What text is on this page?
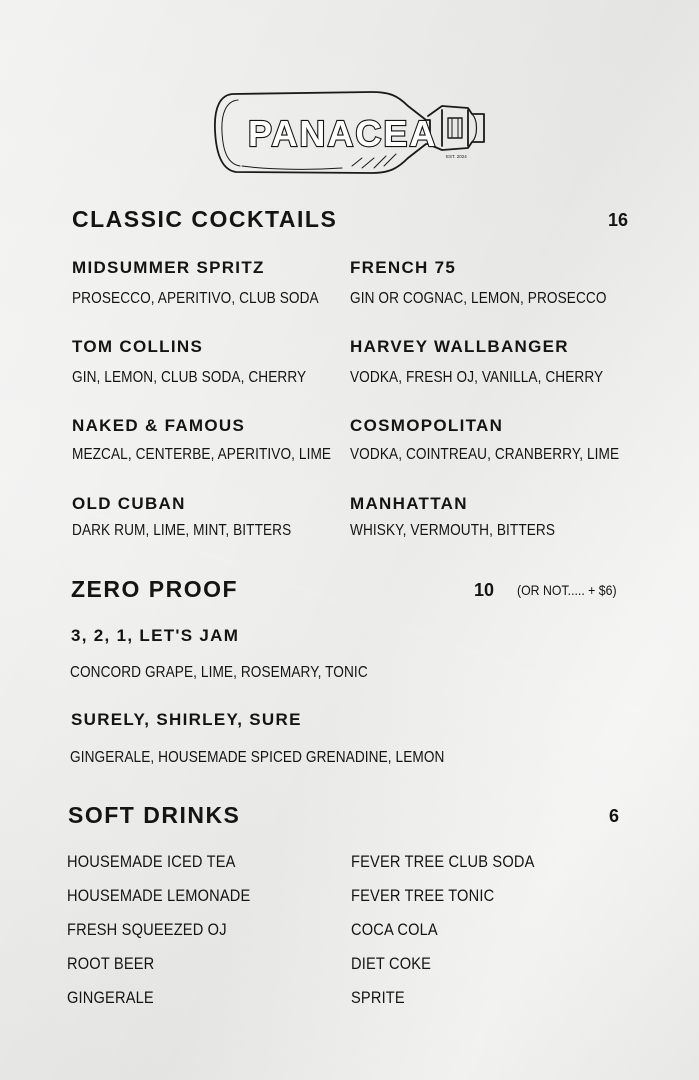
PANACEA
EST. 2024
CLASSIC COCKTAILS	16
MIDSUMMER SPRITZ
PROSECCO, APERITIVO, CLUB SODA
FRENCH 75
GIN OR COGNAC, LEMON, PROSECCO
TOM COLLINS
GIN, LEMON, CLUB SODA, CHERRY
HARVEY WALLBANGER
VODKA, FRESH OJ, VANILLA, CHERRY
NAKED & FAMOUS
MEZCAL, CENTERBE, APERITIVO, LIME
COSMOPOLITAN
VODKA, COINTREAU, CRANBERRY, LIME
OLD CUBAN
DARK RUM, LIME, MINT, BITTERS
MANHATTAN
WHISKY, VERMOUTH, BITTERS
ZERO PROOF	10 (OR NOT..... + $6)
3, 2, 1, LET'S JAM
CONCORD GRAPE, LIME, ROSEMARY, TONIC
SURELY, SHIRLEY, SURE
GINGERALE, HOUSEMADE SPICED GRENADINE, LEMON
SOFT DRINKS	6
HOUSEMADE ICED TEA	FEVER TREE CLUB SODA
HOUSEMADE LEMONADE	FEVER TREE TONIC
FRESH SQUEEZED OJ	COCA COLA
ROOT BEER	DIET COKE
GINGERALE	SPRITE
